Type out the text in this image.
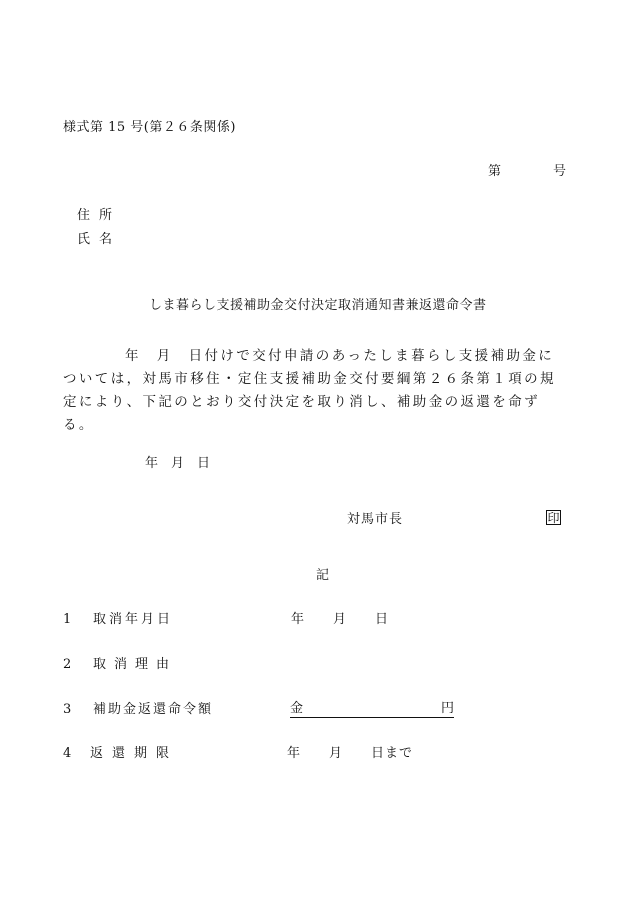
様式第 15 号(第２６条関係)
第	号
住所
氏名
しま暮らし支援補助金交付決定取消通知書兼返還命令書

年　月　日付けで交付申請のあったしま暮らし支援補助金については，対馬市移住・定住支援補助金交付要綱第２６条第１項の規定により、下記のとおり交付決定を取り消し、補助金の返還を命ずる。

年　月　日
対馬市長	印
記
1 取消年月日	年　　月　　日
2 取消理由
3 補助金返還命令額	金	円
4 返還期限	年　　月　　日まで
